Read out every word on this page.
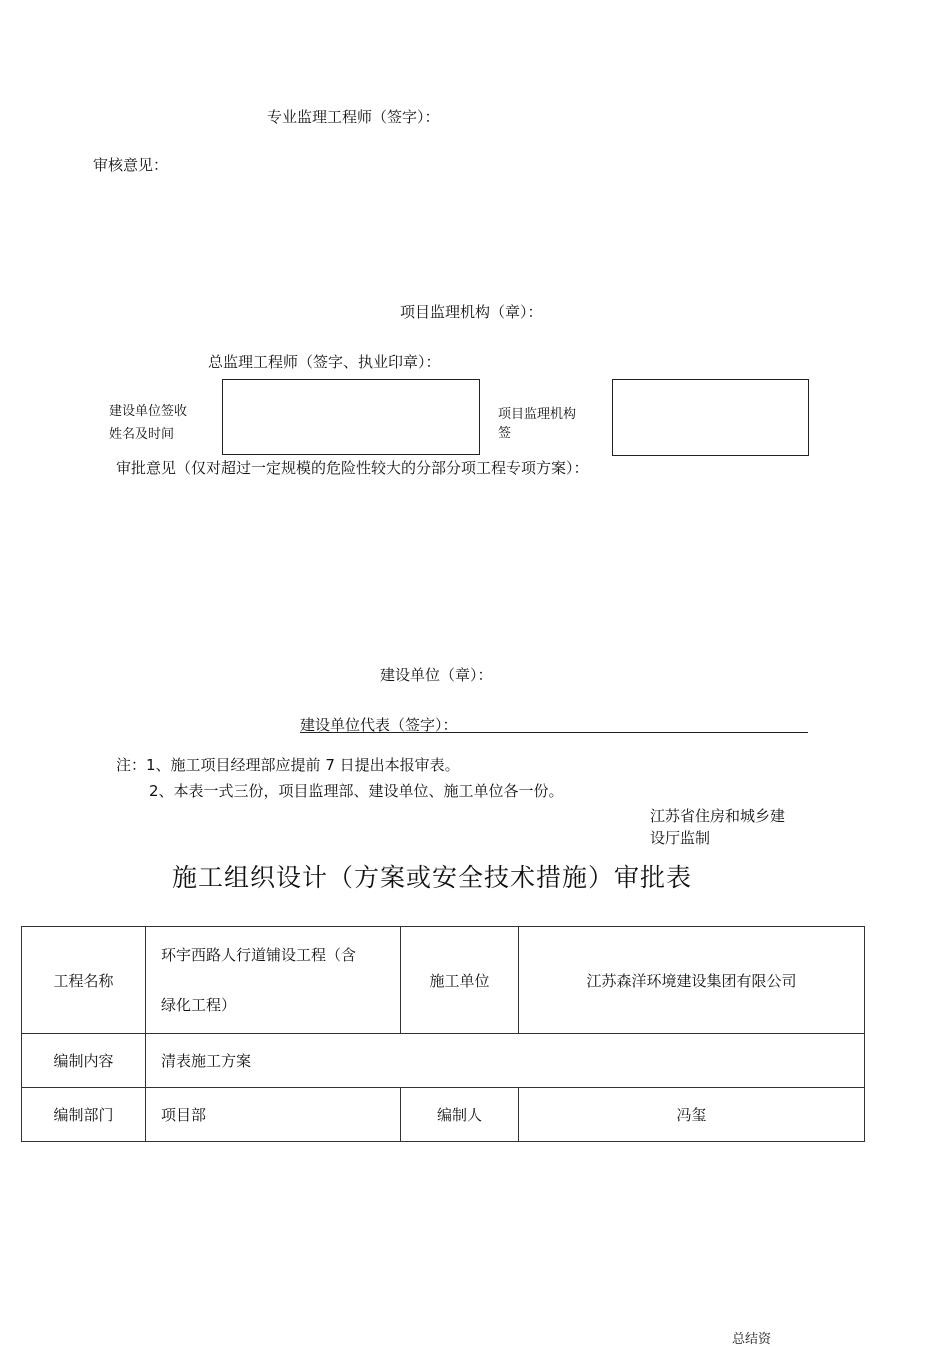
专业监理工程师（签字）：
审核意见：
项目监理机构（章）：
总监理工程师（签字、执业印章）：
建设单位签收
姓名及时间
项目监理机构
签
审批意见（仅对超过一定规模的危险性较大的分部分项工程专项方案）：
建设单位（章）：
建设单位代表（签字）：
注：1、施工项目经理部应提前 7 日提出本报审表。
2、本表一式三份，项目监理部、建设单位、施工单位各一份。
江苏省住房和城乡建
设厅监制
施工组织设计（方案或安全技术措施）审批表
工程名称	环宇西路人行道铺设工程（含
绿化工程）	施工单位	江苏森洋环境建设集团有限公司
编制内容	清表施工方案		
编制部门	项目部	编制人	冯玺
总结资
